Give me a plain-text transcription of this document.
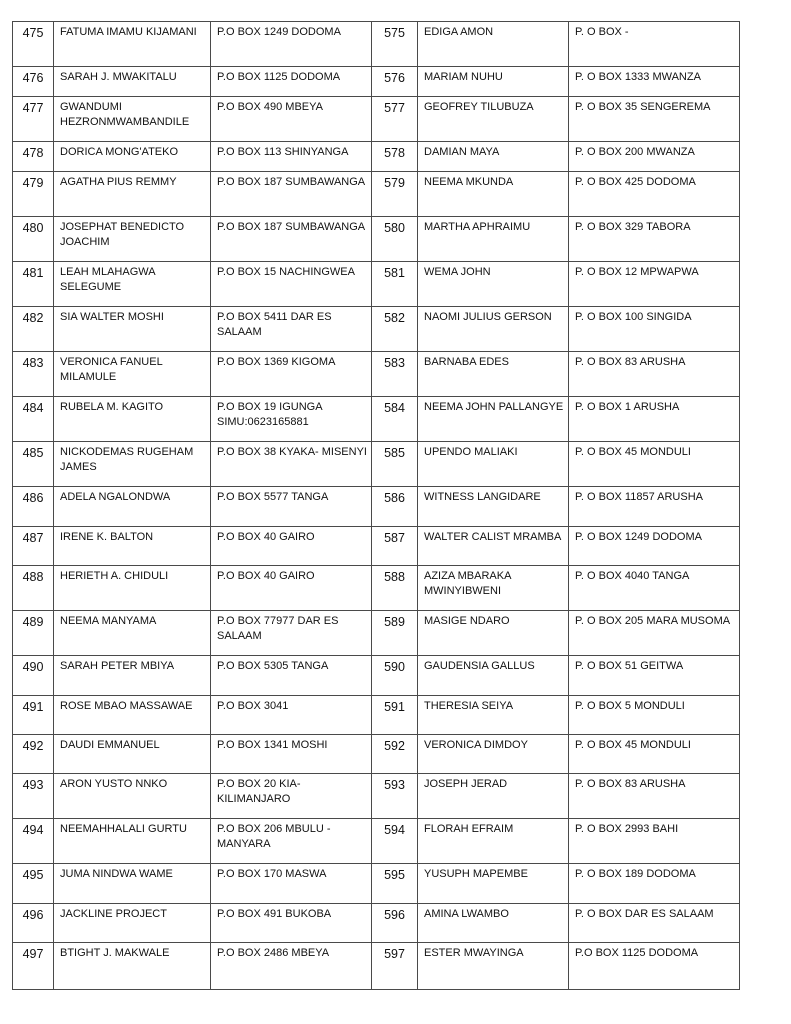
475	FATUMA IMAMU KIJAMANI	P.O BOX 1249 DODOMA	575	EDIGA AMON	P. O BOX -
476	SARAH J. MWAKITALU	P.O BOX 1125 DODOMA	576	MARIAM NUHU	P. O BOX 1333 MWANZA
477	GWANDUMI HEZRONMWAMBANDILE	P.O BOX 490 MBEYA	577	GEOFREY TILUBUZA	P. O BOX 35 SENGEREMA
478	DORICA MONG'ATEKO	P.O BOX 113 SHINYANGA	578	DAMIAN MAYA	P. O BOX 200 MWANZA
479	AGATHA PIUS REMMY	P.O BOX 187 SUMBAWANGA	579	NEEMA MKUNDA	P. O BOX 425 DODOMA
480	JOSEPHAT BENEDICTO JOACHIM	P.O BOX 187 SUMBAWANGA	580	MARTHA APHRAIMU	P. O BOX 329 TABORA
481	LEAH MLAHAGWA SELEGUME	P.O BOX 15 NACHINGWEA	581	WEMA JOHN	P. O BOX 12 MPWAPWA
482	SIA WALTER MOSHI	P.O BOX 5411 DAR ES SALAAM	582	NAOMI JULIUS GERSON	P. O BOX 100 SINGIDA
483	VERONICA FANUEL MILAMULE	P.O BOX 1369 KIGOMA	583	BARNABA EDES	P. O BOX 83 ARUSHA
484	RUBELA M. KAGITO	P.O BOX 19 IGUNGA SIMU:0623165881	584	NEEMA JOHN PALLANGYE	P. O BOX 1 ARUSHA
485	NICKODEMAS RUGEHAM JAMES	P.O BOX 38 KYAKA- MISENYI	585	UPENDO MALIAKI	P. O BOX 45 MONDULI
486	ADELA NGALONDWA	P.O BOX 5577 TANGA	586	WITNESS LANGIDARE	P. O BOX 11857 ARUSHA
487	IRENE K. BALTON	P.O BOX 40 GAIRO	587	WALTER CALIST MRAMBA	P. O BOX 1249 DODOMA
488	HERIETH A. CHIDULI	P.O BOX 40 GAIRO	588	AZIZA MBARAKA MWINYIBWENI	P. O BOX 4040 TANGA
489	NEEMA MANYAMA	P.O BOX 77977 DAR ES SALAAM	589	MASIGE NDARO	P. O BOX 205 MARA MUSOMA
490	SARAH PETER MBIYA	P.O BOX 5305 TANGA	590	GAUDENSIA GALLUS	P. O BOX 51 GEITWA
491	ROSE MBAO MASSAWAE	P.O BOX 3041	591	THERESIA SEIYA	P. O BOX 5 MONDULI
492	DAUDI EMMANUEL	P.O BOX 1341 MOSHI	592	VERONICA DIMDOY	P. O BOX 45 MONDULI
493	ARON YUSTO NNKO	P.O BOX 20 KIA-KILIMANJARO	593	JOSEPH JERAD	P. O BOX 83 ARUSHA
494	NEEMAHHALALI GURTU	P.O BOX 206 MBULU -MANYARA	594	FLORAH EFRAIM	P. O BOX 2993 BAHI
495	JUMA NINDWA WAME	P.O BOX 170 MASWA	595	YUSUPH MAPEMBE	P. O BOX 189 DODOMA
496	JACKLINE PROJECT	P.O BOX 491 BUKOBA	596	AMINA LWAMBO	P. O BOX DAR ES SALAAM
497	BTIGHT J. MAKWALE	P.O BOX 2486 MBEYA	597	ESTER MWAYINGA	P.O BOX 1125 DODOMA
